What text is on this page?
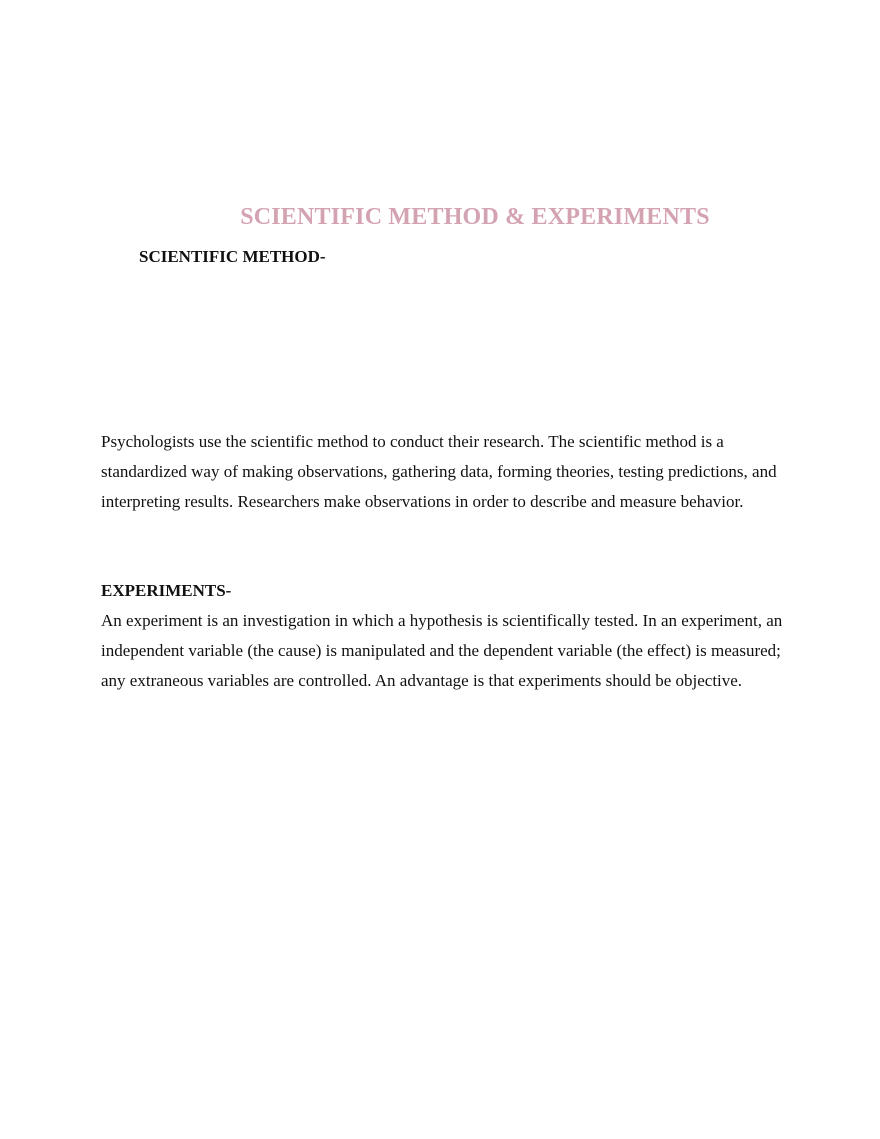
SCIENTIFIC METHOD & EXPERIMENTS
SCIENTIFIC METHOD-

Psychologists use the scientific method to conduct their research. The scientific method is a standardized way of making observations, gathering data, forming theories, testing predictions, and interpreting results. Researchers make observations in order to describe and measure behavior.

EXPERIMENTS-

An experiment is an investigation in which a hypothesis is scientifically tested. In an experiment, an independent variable (the cause) is manipulated and the dependent variable (the effect) is measured; any extraneous variables are controlled. An advantage is that experiments should be objective.
